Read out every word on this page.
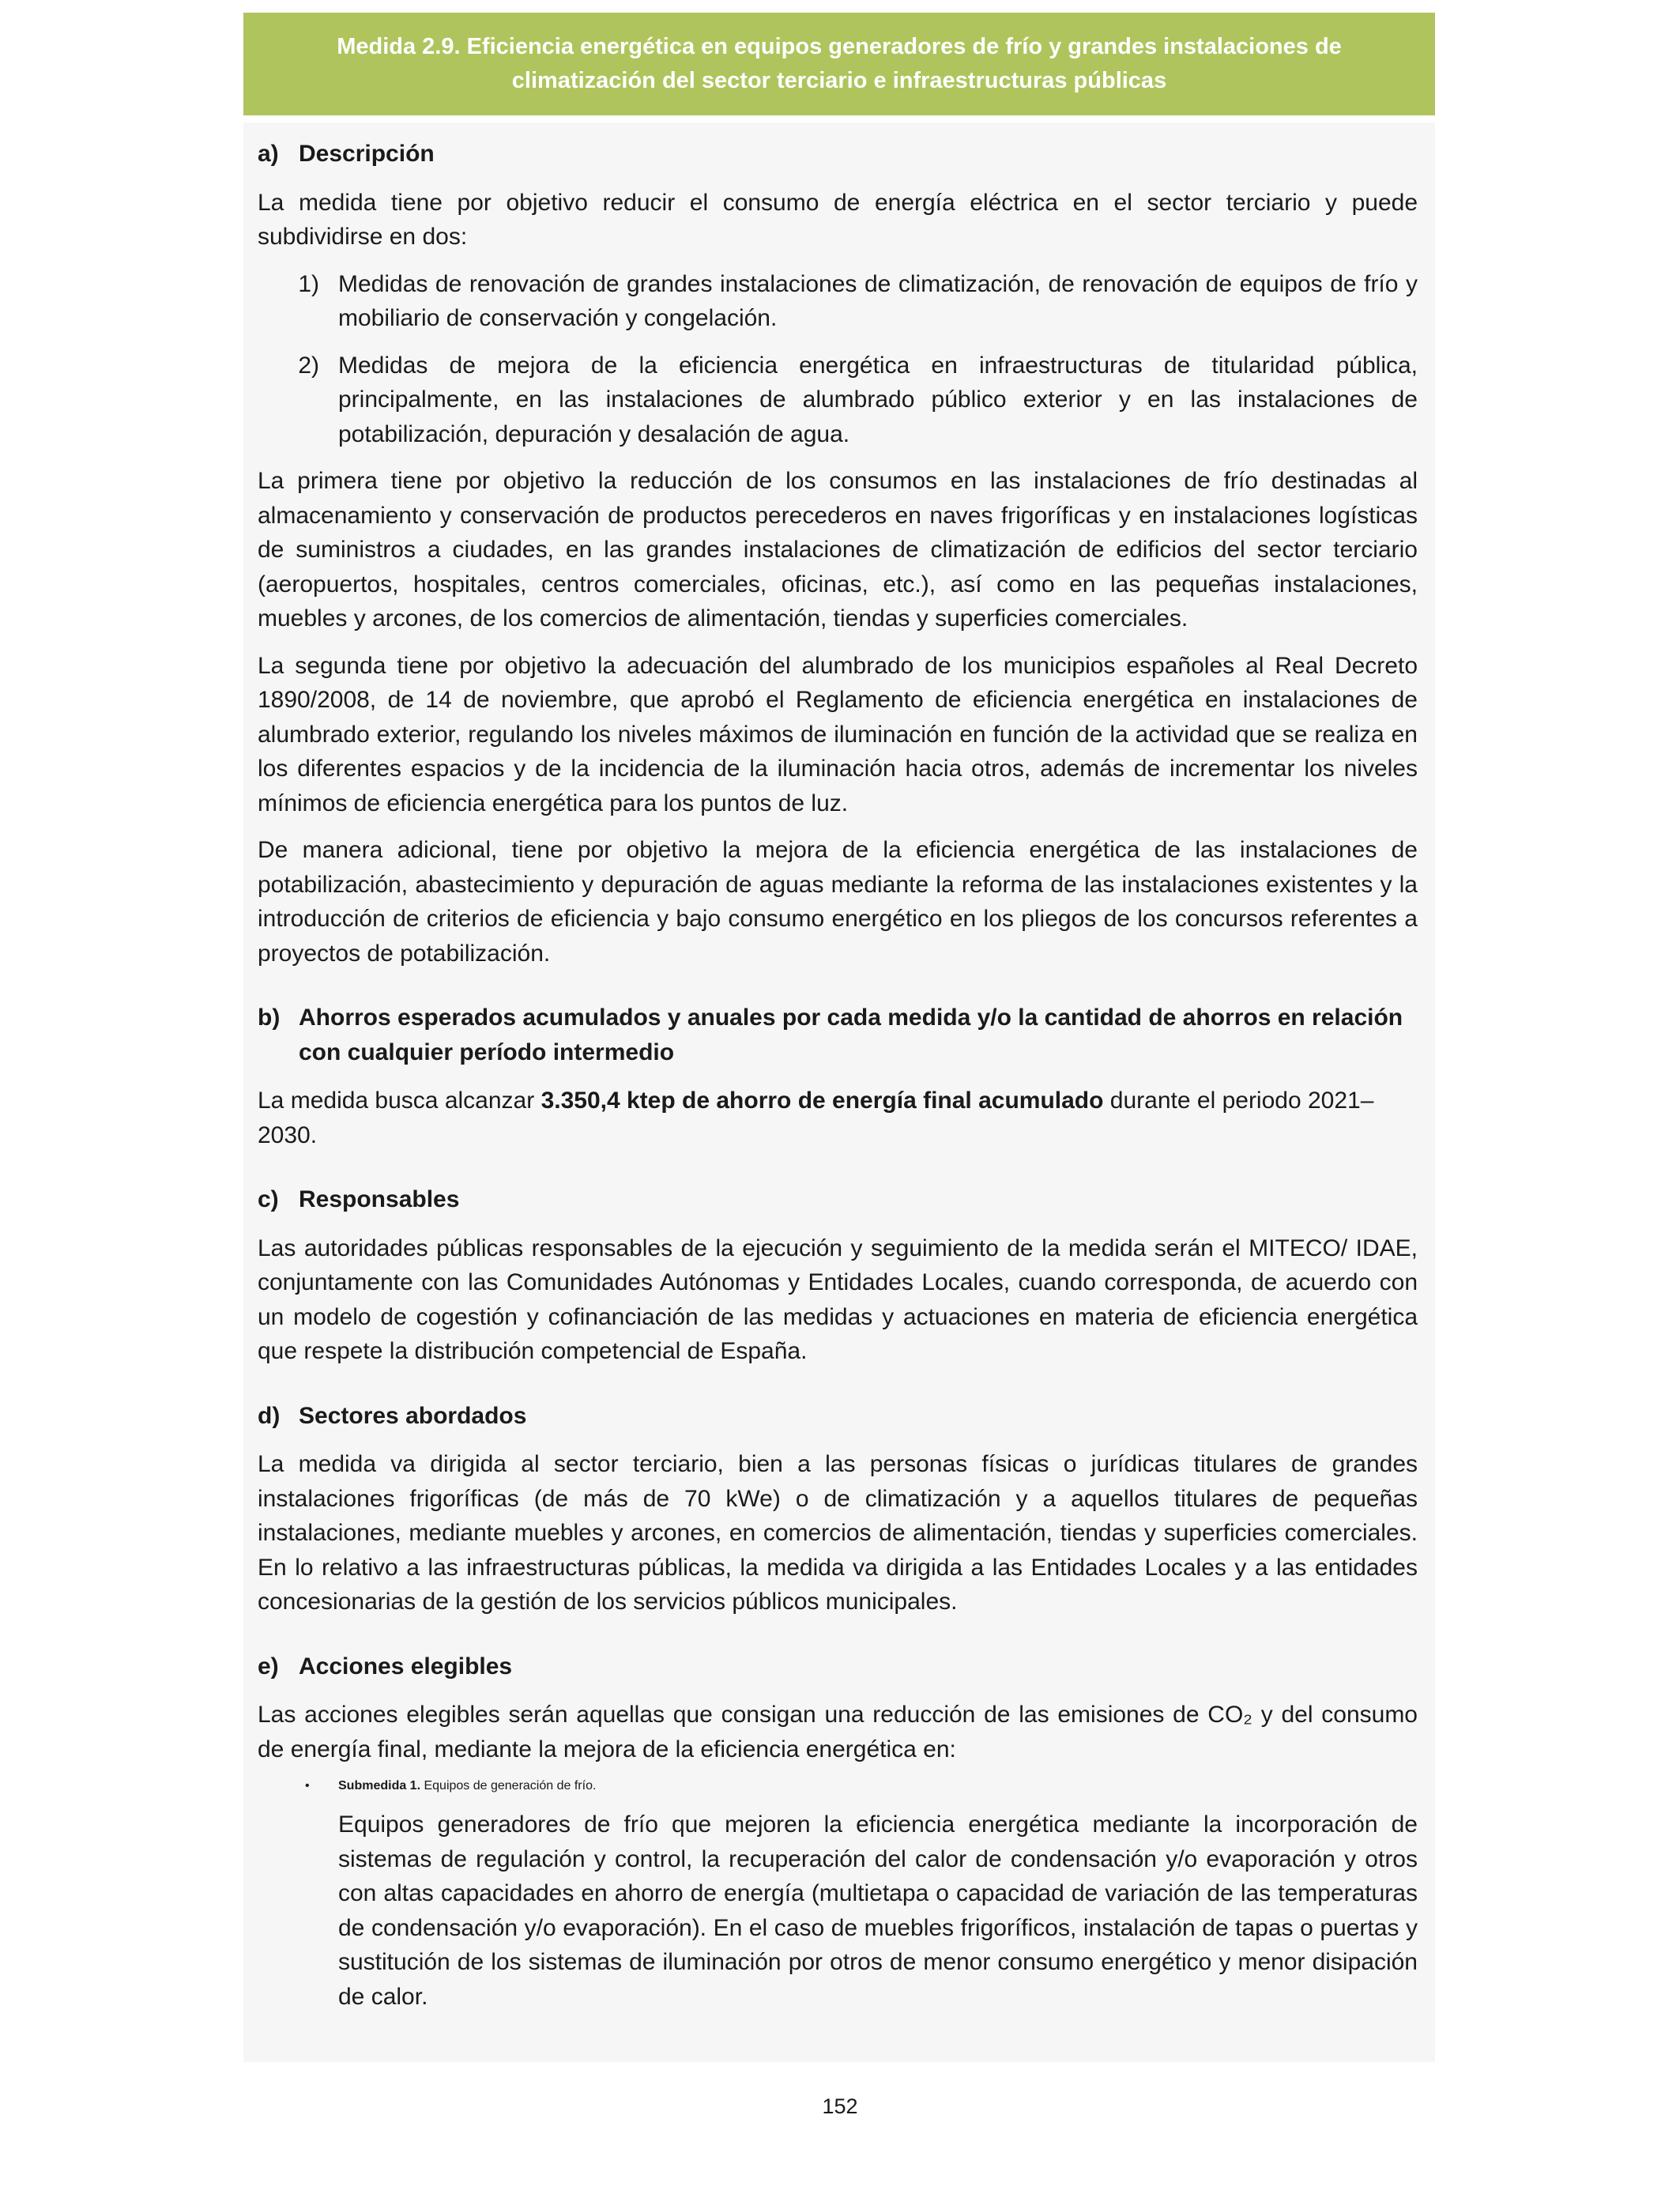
Medida 2.9. Eficiencia energética en equipos generadores de frío y grandes instalaciones de
climatización del sector terciario e infraestructuras públicas
a) Descripción

La medida tiene por objetivo reducir el consumo de energía eléctrica en el sector terciario y puede subdividirse en dos:

1) Medidas de renovación de grandes instalaciones de climatización, de renovación de equipos de frío y mobiliario de conservación y congelación.
2) Medidas de mejora de la eficiencia energética en infraestructuras de titularidad pública, principalmente, en las instalaciones de alumbrado público exterior y en las instalaciones de potabilización, depuración y desalación de agua.

La primera tiene por objetivo la reducción de los consumos en las instalaciones de frío destinadas al almacenamiento y conservación de productos perecederos en naves frigoríficas y en instalaciones logísticas de suministros a ciudades, en las grandes instalaciones de climatización de edificios del sector terciario (aeropuertos, hospitales, centros comerciales, oficinas, etc.), así como en las pequeñas instalaciones, muebles y arcones, de los comercios de alimentación, tiendas y superficies comerciales.

La segunda tiene por objetivo la adecuación del alumbrado de los municipios españoles al Real Decreto 1890/2008, de 14 de noviembre, que aprobó el Reglamento de eficiencia energética en instalaciones de alumbrado exterior, regulando los niveles máximos de iluminación en función de la actividad que se realiza en los diferentes espacios y de la incidencia de la iluminación hacia otros, además de incrementar los niveles mínimos de eficiencia energética para los puntos de luz.

De manera adicional, tiene por objetivo la mejora de la eficiencia energética de las instalaciones de potabilización, abastecimiento y depuración de aguas mediante la reforma de las instalaciones existentes y la introducción de criterios de eficiencia y bajo consumo energético en los pliegos de los concursos referentes a proyectos de potabilización.

b) Ahorros esperados acumulados y anuales por cada medida y/o la cantidad de ahorros en relación con cualquier período intermedio

La medida busca alcanzar 3.350,4 ktep de ahorro de energía final acumulado durante el periodo 2021–2030.

c) Responsables

Las autoridades públicas responsables de la ejecución y seguimiento de la medida serán el MITECO/ IDAE, conjuntamente con las Comunidades Autónomas y Entidades Locales, cuando corresponda, de acuerdo con un modelo de cogestión y cofinanciación de las medidas y actuaciones en materia de eficiencia energética que respete la distribución competencial de España.

d) Sectores abordados

La medida va dirigida al sector terciario, bien a las personas físicas o jurídicas titulares de grandes instalaciones frigoríficas (de más de 70 kWe) o de climatización y a aquellos titulares de pequeñas instalaciones, mediante muebles y arcones, en comercios de alimentación, tiendas y superficies comerciales. En lo relativo a las infraestructuras públicas, la medida va dirigida a las Entidades Locales y a las entidades concesionarias de la gestión de los servicios públicos municipales.

e) Acciones elegibles

Las acciones elegibles serán aquellas que consigan una reducción de las emisiones de CO₂ y del consumo de energía final, mediante la mejora de la eficiencia energética en:

•	Submedida 1. Equipos de generación de frío.

Equipos generadores de frío que mejoren la eficiencia energética mediante la incorporación de sistemas de regulación y control, la recuperación del calor de condensación y/o evaporación y otros con altas capacidades en ahorro de energía (multietapa o capacidad de variación de las temperaturas de condensación y/o evaporación). En el caso de muebles frigoríficos, instalación de tapas o puertas y sustitución de los sistemas de iluminación por otros de menor consumo energético y menor disipación de calor.

152
